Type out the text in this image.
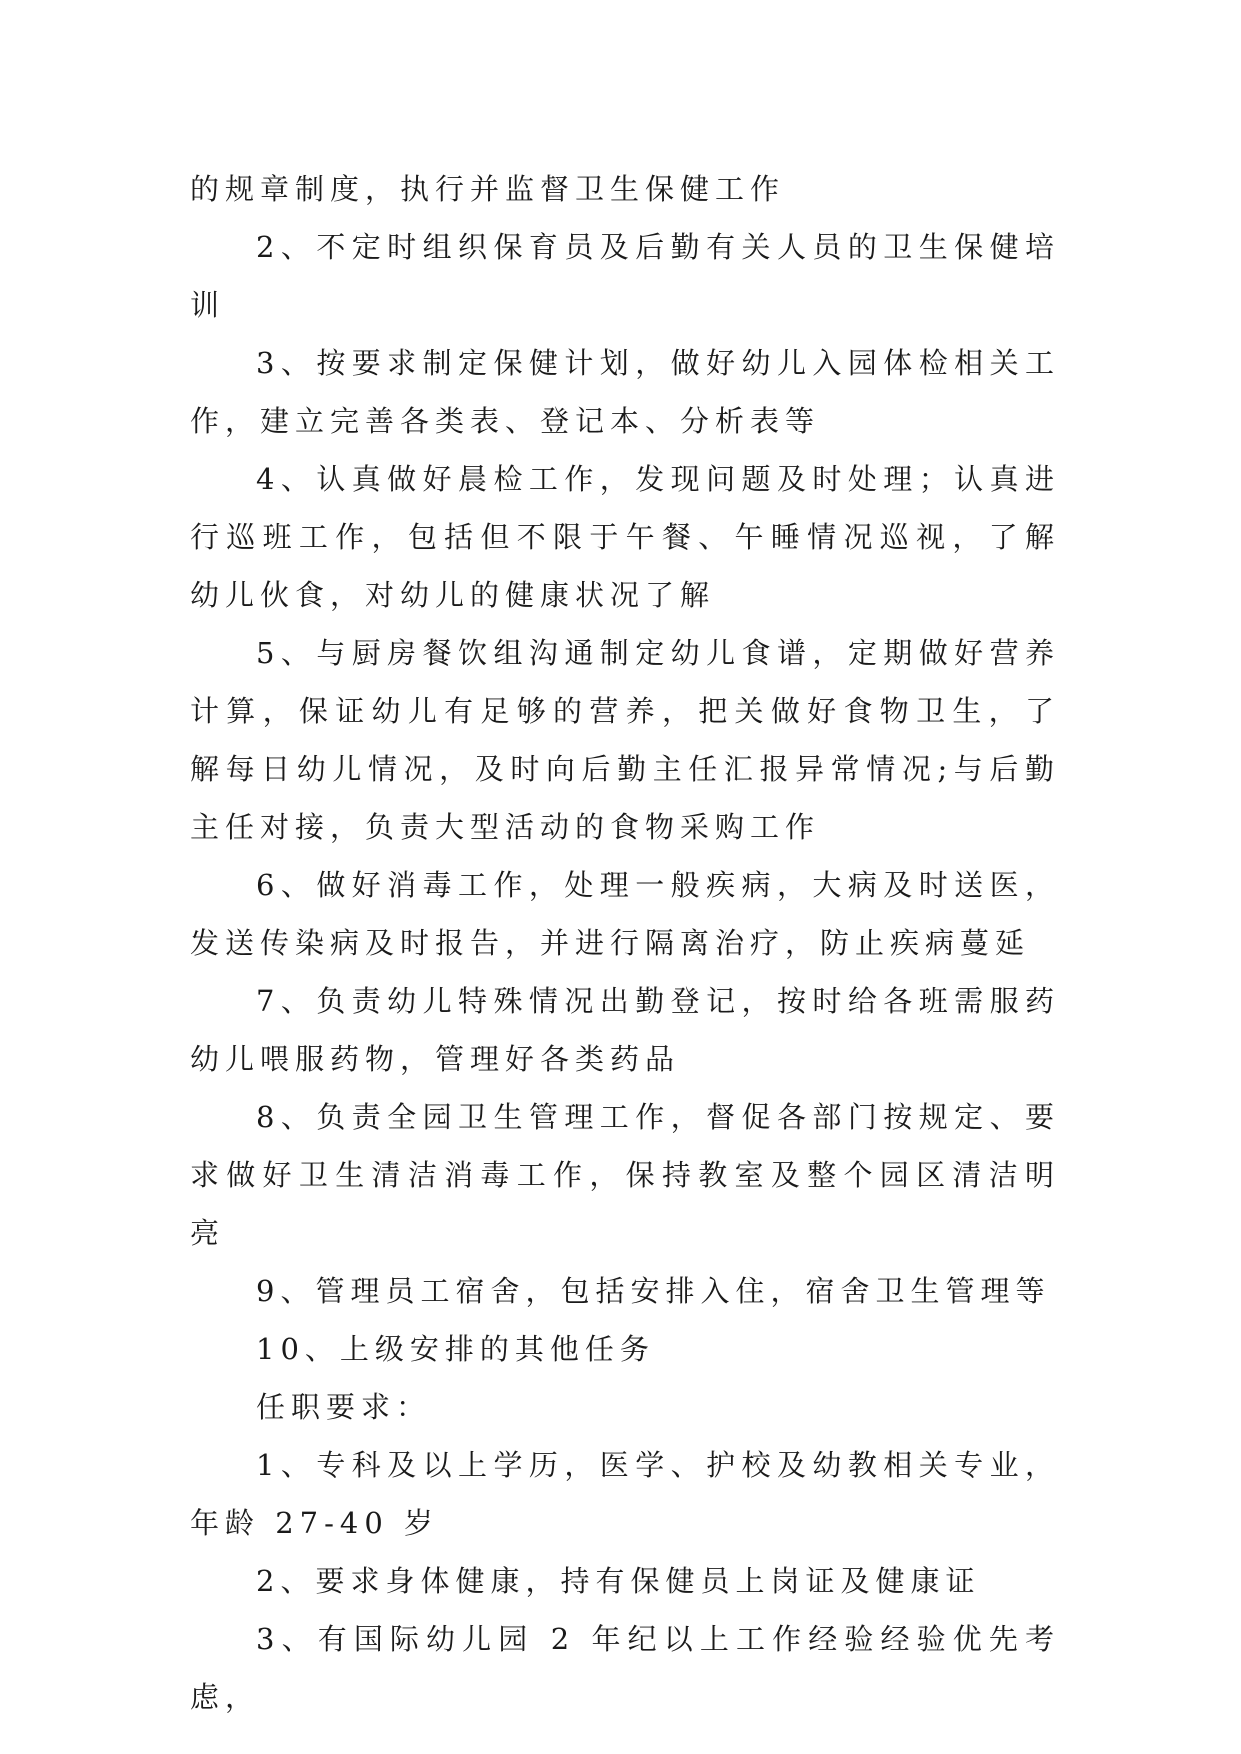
的规章制度，执行并监督卫生保健工作

2、不定时组织保育员及后勤有关人员的卫生保健培训

3、按要求制定保健计划，做好幼儿入园体检相关工作，建立完善各类表、登记本、分析表等

4、认真做好晨检工作，发现问题及时处理；认真进行巡班工作，包括但不限于午餐、午睡情况巡视，了解幼儿伙食，对幼儿的健康状况了解

5、与厨房餐饮组沟通制定幼儿食谱，定期做好营养计算，保证幼儿有足够的营养，把关做好食物卫生，了解每日幼儿情况，及时向后勤主任汇报异常情况;与后勤主任对接，负责大型活动的食物采购工作

6、做好消毒工作，处理一般疾病，大病及时送医，发送传染病及时报告，并进行隔离治疗，防止疾病蔓延

7、负责幼儿特殊情况出勤登记，按时给各班需服药幼儿喂服药物，管理好各类药品

8、负责全园卫生管理工作，督促各部门按规定、要求做好卫生清洁消毒工作，保持教室及整个园区清洁明亮

9、管理员工宿舍，包括安排入住，宿舍卫生管理等

10、上级安排的其他任务

任职要求：

1、专科及以上学历，医学、护校及幼教相关专业，年龄 27-40 岁

2、要求身体健康，持有保健员上岗证及健康证

3、有国际幼儿园 2 年纪以上工作经验经验优先考虑，
